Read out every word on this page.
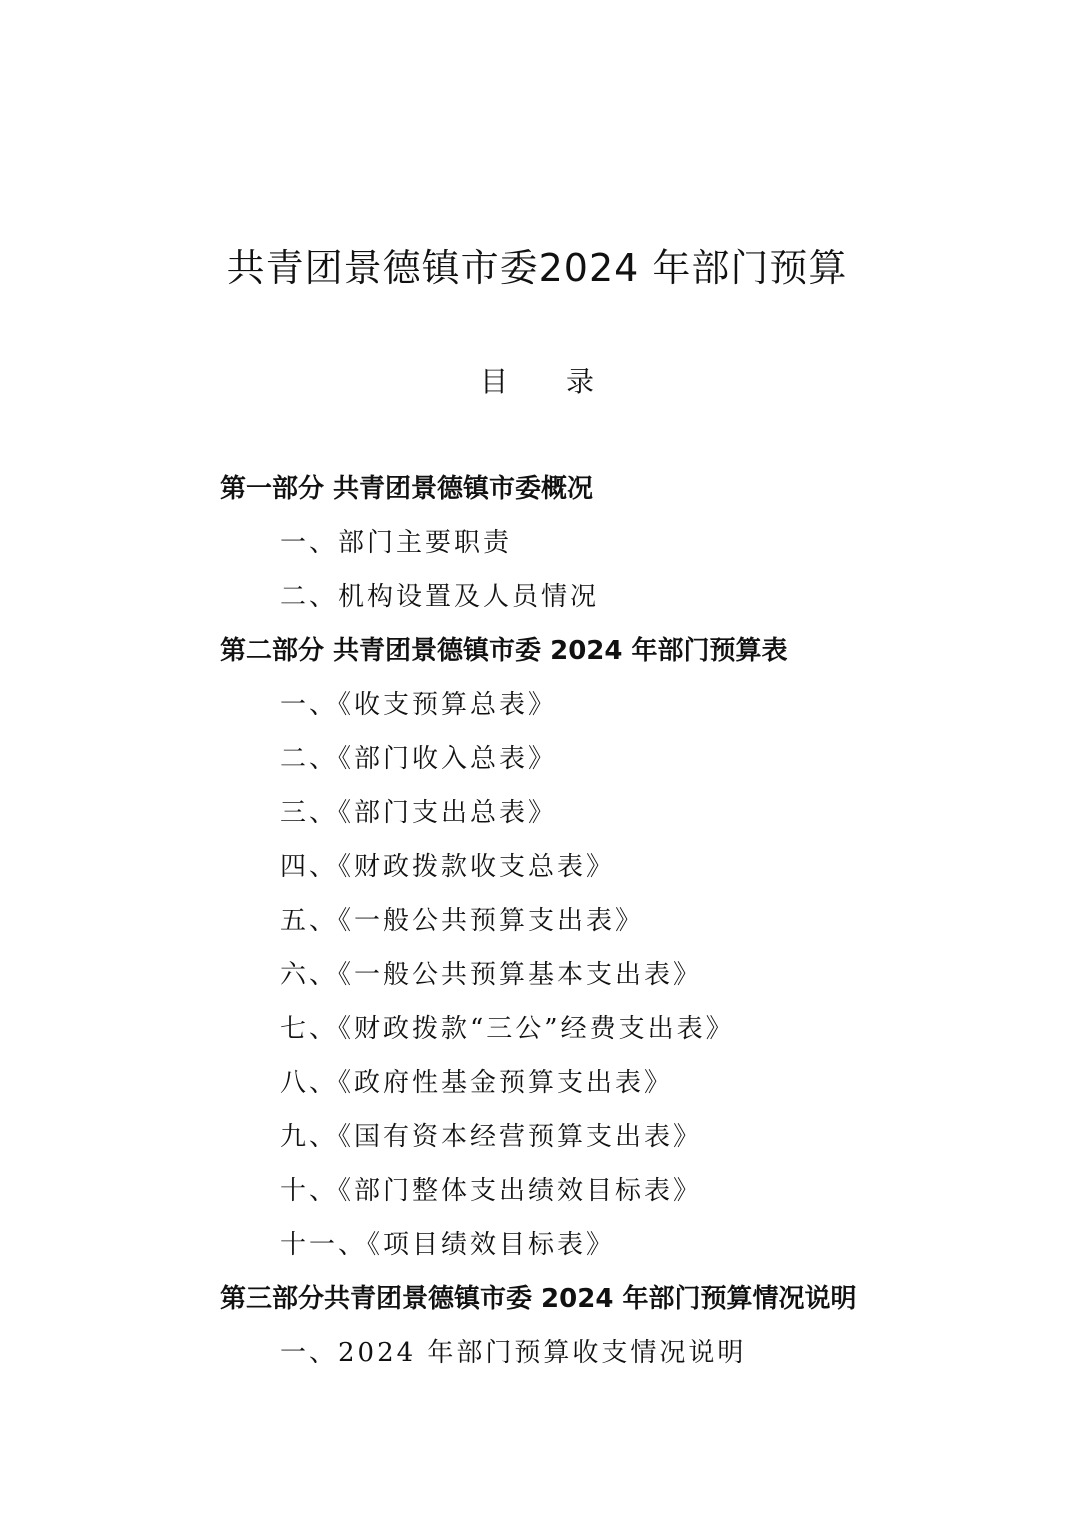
共青团景德镇市委2024 年部门预算
目 录
第一部分 共青团景德镇市委概况
一、部门主要职责
二、机构设置及人员情况
第二部分 共青团景德镇市委 2024 年部门预算表
一、《收支预算总表》
二、《部门收入总表》
三、《部门支出总表》
四、《财政拨款收支总表》
五、《一般公共预算支出表》
六、《一般公共预算基本支出表》
七、《财政拨款“三公”经费支出表》
八、《政府性基金预算支出表》
九、《国有资本经营预算支出表》
十、《部门整体支出绩效目标表》
十一、《项目绩效目标表》
第三部分共青团景德镇市委 2024 年部门预算情况说明
一、2024 年部门预算收支情况说明
